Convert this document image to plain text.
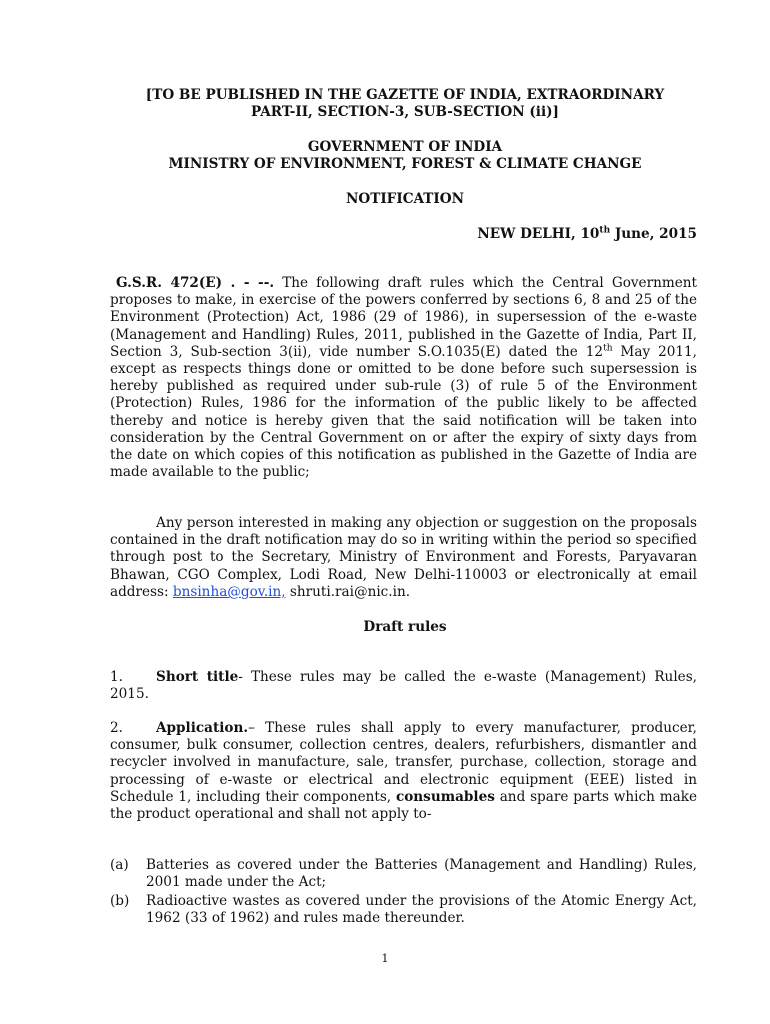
[TO BE PUBLISHED IN THE GAZETTE OF INDIA, EXTRAORDINARY
PART-II, SECTION-3, SUB-SECTION (ii)]
GOVERNMENT OF INDIA
MINISTRY OF ENVIRONMENT, FOREST & CLIMATE CHANGE
NOTIFICATION
NEW DELHI, 10th June, 2015
G.S.R. 472(E) . - --. The following draft rules which the Central Government proposes to make, in exercise of the powers conferred by sections 6, 8 and 25 of the Environment (Protection) Act, 1986 (29 of 1986), in supersession of the e-waste (Management and Handling) Rules, 2011, published in the Gazette of India, Part II, Section 3, Sub-section 3(ii), vide number S.O.1035(E) dated the 12th May 2011, except as respects things done or omitted to be done before such supersession is hereby published as required under sub-rule (3) of rule 5 of the Environment (Protection) Rules, 1986 for the information of the public likely to be affected thereby and notice is hereby given that the said notification will be taken into consideration by the Central Government on or after the expiry of sixty days from the date on which copies of this notification as published in the Gazette of India are made available to the public;
Any person interested in making any objection or suggestion on the proposals contained in the draft notification may do so in writing within the period so specified through post to the Secretary, Ministry of Environment and Forests, Paryavaran Bhawan, CGO Complex, Lodi Road, New Delhi-110003 or electronically at email address: bnsinha@gov.in, shruti.rai@nic.in.
Draft rules
1. Short title- These rules may be called the e-waste (Management) Rules, 2015.
2. Application.– These rules shall apply to every manufacturer, producer, consumer, bulk consumer, collection centres, dealers, refurbishers, dismantler and recycler involved in manufacture, sale, transfer, purchase, collection, storage and processing of e-waste or electrical and electronic equipment (EEE) listed in Schedule 1, including their components, consumables and spare parts which make the product operational and shall not apply to-
(a)	Batteries as covered under the Batteries (Management and Handling) Rules, 2001 made under the Act;
(b)	Radioactive wastes as covered under the provisions of the Atomic Energy Act, 1962 (33 of 1962) and rules made thereunder.
1
